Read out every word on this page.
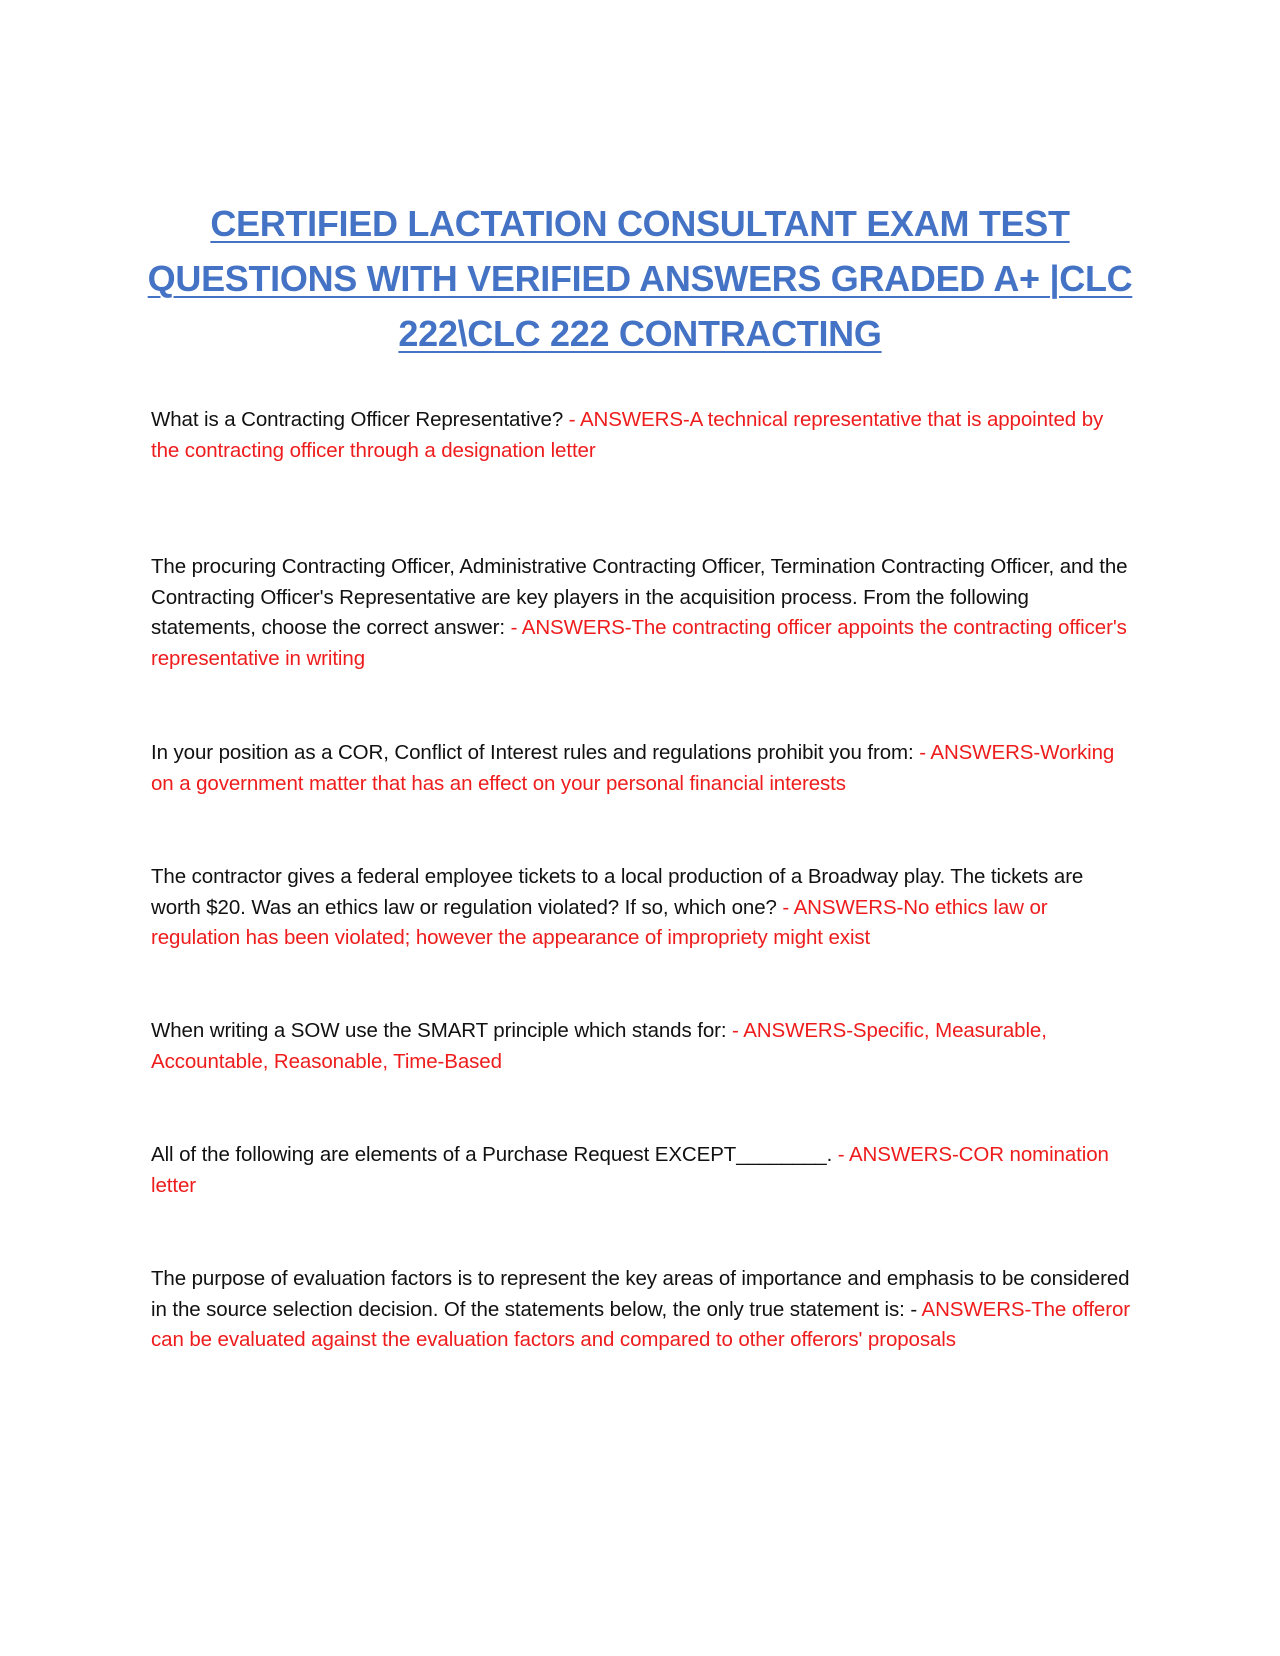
CERTIFIED LACTATION CONSULTANT EXAM TEST QUESTIONS WITH VERIFIED ANSWERS GRADED A+ |CLC 222\CLC 222 CONTRACTING

What is a Contracting Officer Representative? - ANSWERS-A technical representative that is appointed by the contracting officer through a designation letter

The procuring Contracting Officer, Administrative Contracting Officer, Termination Contracting Officer, and the Contracting Officer's Representative are key players in the acquisition process. From the following statements, choose the correct answer: - ANSWERS-The contracting officer appoints the contracting officer's representative in writing

In your position as a COR, Conflict of Interest rules and regulations prohibit you from: - ANSWERS-Working on a government matter that has an effect on your personal financial interests

The contractor gives a federal employee tickets to a local production of a Broadway play. The tickets are worth $20. Was an ethics law or regulation violated? If so, which one? - ANSWERS-No ethics law or regulation has been violated; however the appearance of impropriety might exist

When writing a SOW use the SMART principle which stands for: - ANSWERS-Specific, Measurable, Accountable, Reasonable, Time-Based

All of the following are elements of a Purchase Request EXCEPT________. - ANSWERS-COR nomination letter

The purpose of evaluation factors is to represent the key areas of importance and emphasis to be considered in the source selection decision. Of the statements below, the only true statement is: - ANSWERS-The offeror can be evaluated against the evaluation factors and compared to other offerors' proposals
